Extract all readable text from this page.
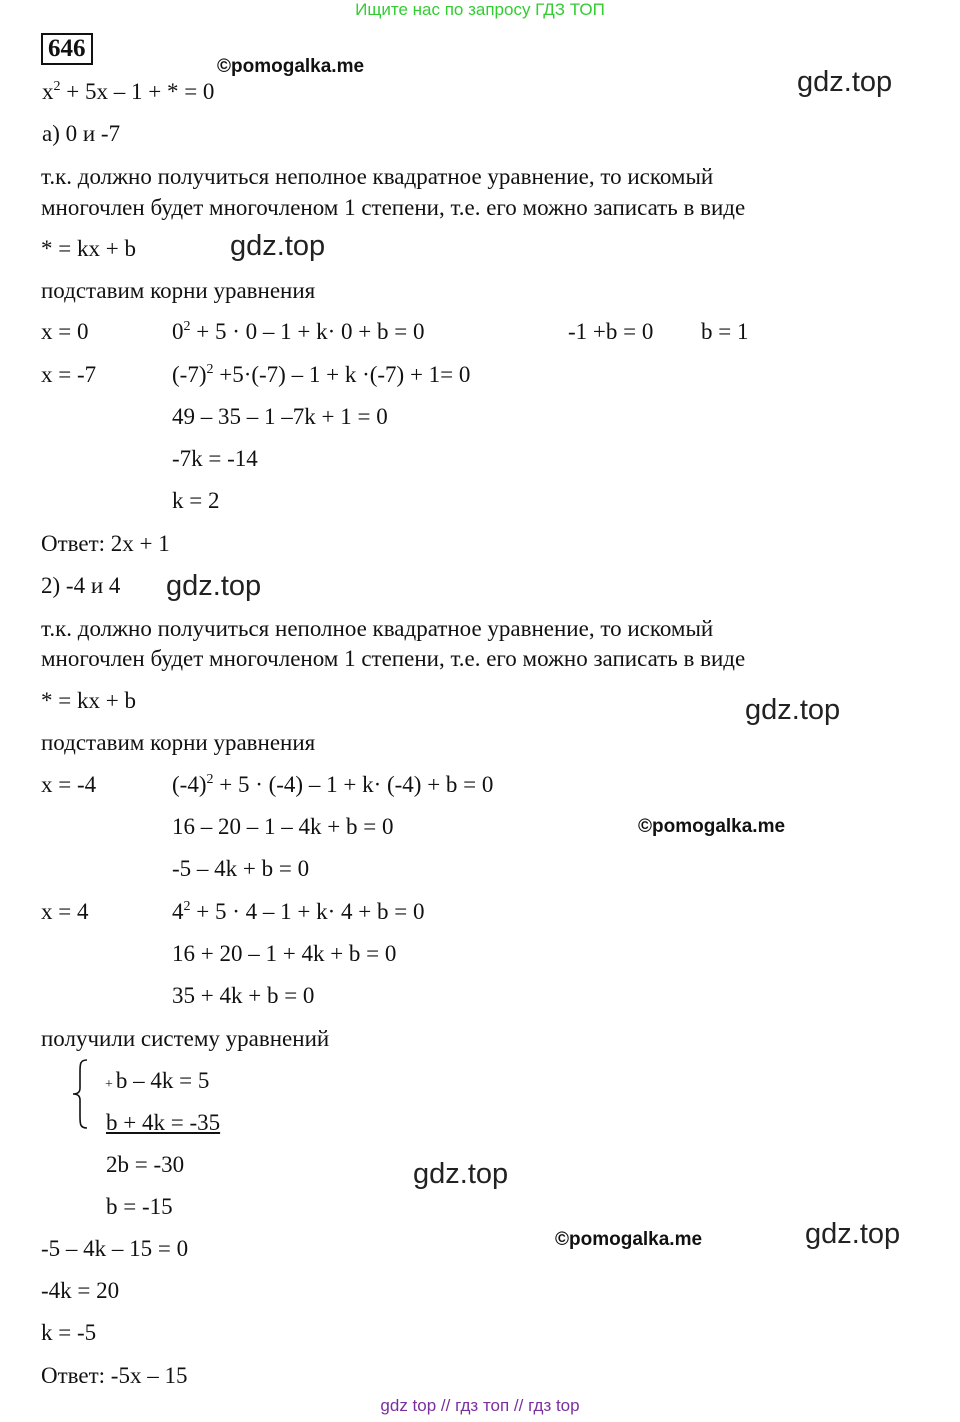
Ищите нас по запросу ГДЗ ТОП
646
©pomogalka.me	gdz.top
gdz.top
gdz.top
gdz.top
©pomogalka.me
gdz.top
gdz.top
©pomogalka.me
$x^2 + 5x - 1$ + * = 0
а) 0 и -7
т.к. должно получиться неполное квадратное уравнение, то искомый
многочлен будет многочленом 1 степени, т.е. его можно записать в виде
* = kx + b
подставим корни уравнения
x = 0	$0^2 + 5 \cdot 0 - 1 + k\cdot 0 + b = 0$	-1 +b = 0 b = 1
x = -7	$(-7)^2 +5\cdot(-7) - 1 + k \cdot(-7) + 1= 0$
49 – 35 – 1 –7k + 1 = 0
-7k = -14
k = 2
Ответ: 2x + 1
2) -4 и 4
т.к. должно получиться неполное квадратное уравнение, то искомый
многочлен будет многочленом 1 степени, т.е. его можно записать в виде
* = kx + b
подставим корни уравнения
x = -4	$(-4)^2 + 5 \cdot (-4) - 1 + k\cdot (-4) + b = 0$
16 – 20 – 1 – 4k + b = 0
-5 – 4k + b = 0
x = 4	$4^2 + 5 \cdot 4 - 1 + k\cdot 4 + b = 0$
16 + 20 – 1 + 4k + b = 0
35 + 4k + b = 0
получили систему уравнений
+ b – 4k = 5
b + 4k = -35
2b = -30
b = -15
-5 – 4k – 15 = 0
-4k = 20
k = -5
Ответ: -5x – 15
gdz top // гдз топ // гдз top
